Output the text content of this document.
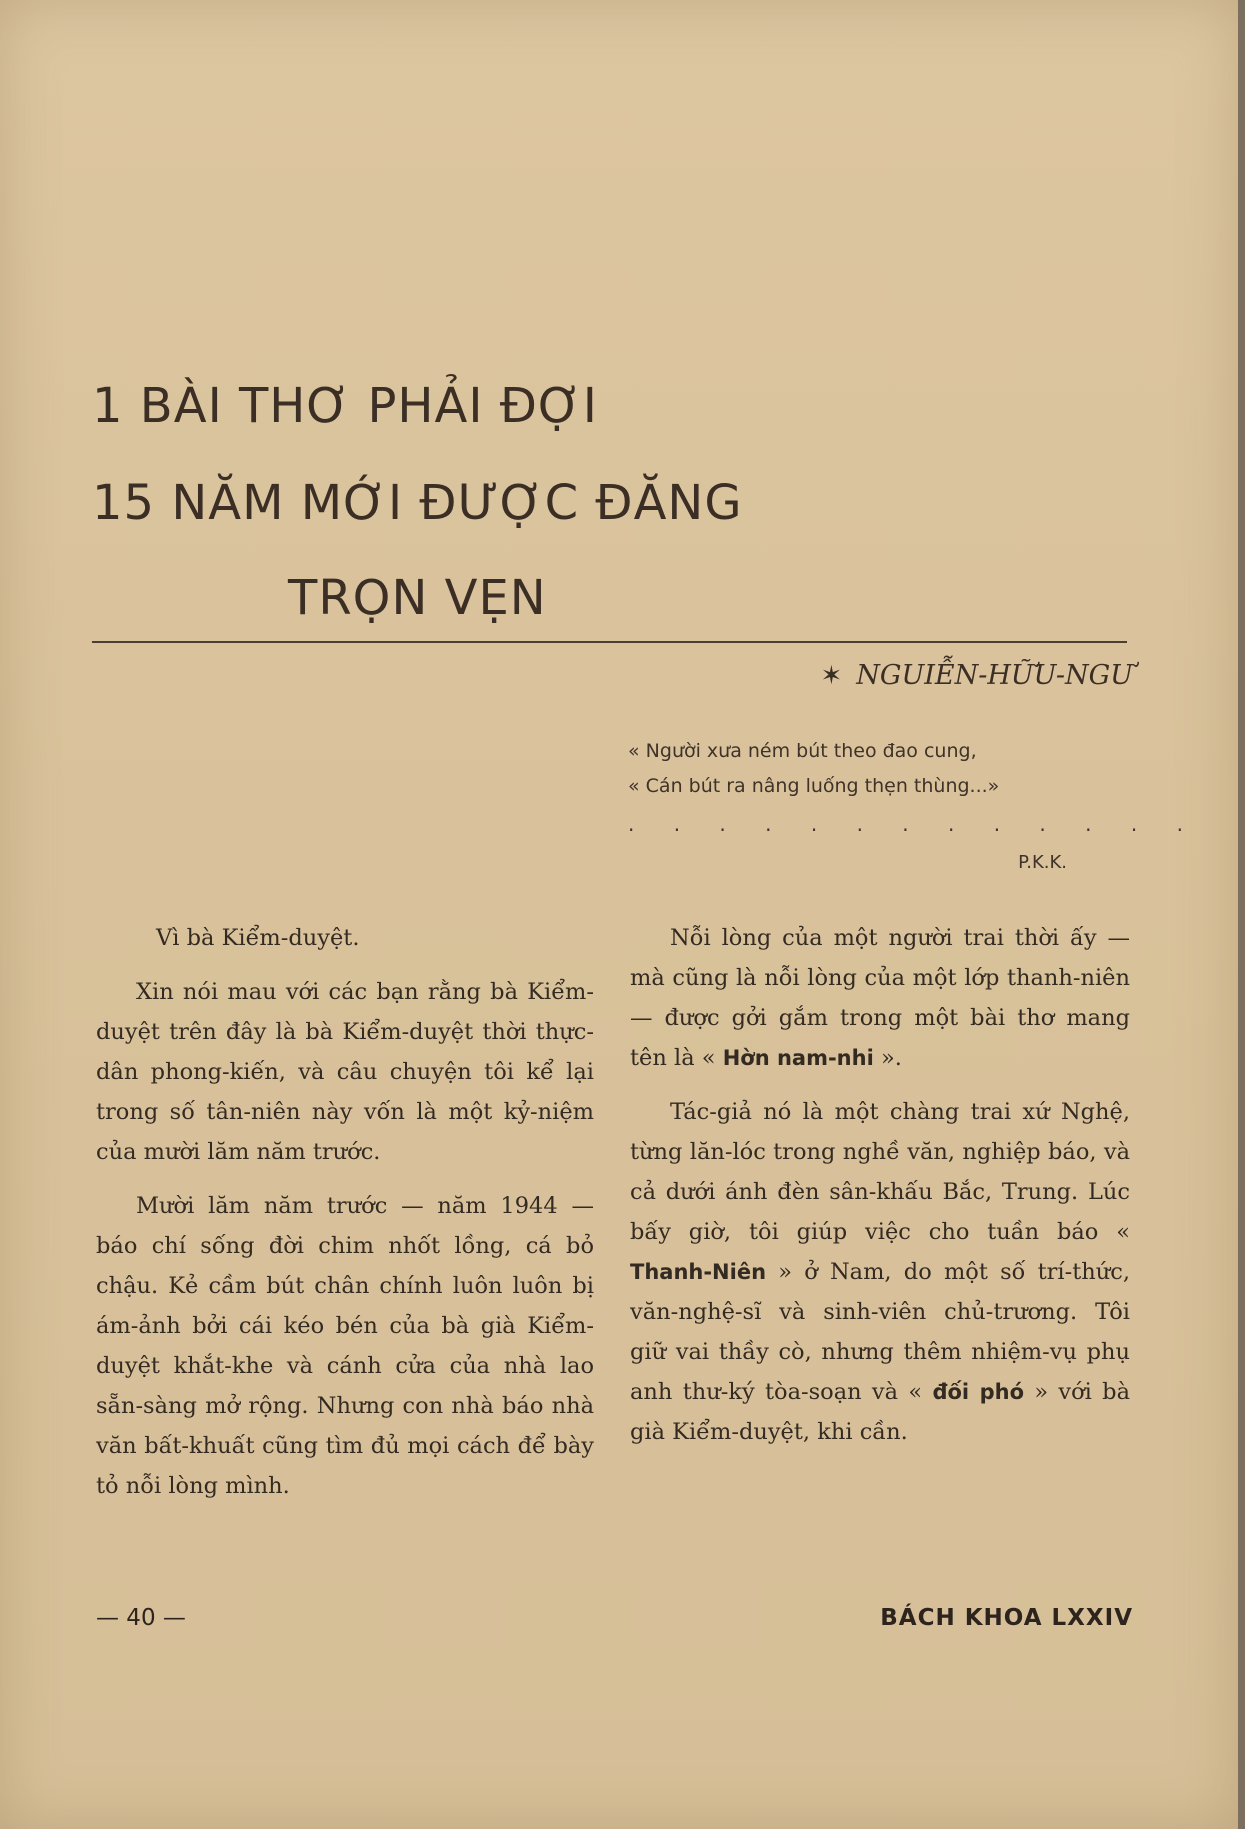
1 BÀI THƠ PHẢI ĐỢI
15 NĂM MỚI ĐƯỢC ĐĂNG
TRỌN VẸN
✶ NGUIỄN-HỮU-NGƯ
« Người xưa ném bút theo đao cung,
« Cán bút ra nâng luống thẹn thùng...»
. . . . . . . . . . . . .
P.K.K.

Vì bà Kiểm-duyệt.

Xin nói mau với các bạn rằng bà Kiểm-duyệt trên đây là bà Kiểm-duyệt thời thực-dân phong-kiến, và câu chuyện tôi kể lại trong số tân-niên này vốn là một kỷ-niệm của mười lăm năm trước.

Mười lăm năm trước — năm 1944 — báo chí sống đời chim nhốt lồng, cá bỏ chậu. Kẻ cầm bút chân chính luôn luôn bị ám-ảnh bởi cái kéo bén của bà già Kiểm-duyệt khắt-khe và cánh cửa của nhà lao sẵn-sàng mở rộng. Nhưng con nhà báo nhà văn bất-khuất cũng tìm đủ mọi cách để bày tỏ nỗi lòng mình.

Nỗi lòng của một người trai thời ấy — mà cũng là nỗi lòng của một lớp thanh-niên — được gởi gắm trong một bài thơ mang tên là « Hờn nam-nhi ».

Tác-giả nó là một chàng trai xứ Nghệ, từng lăn-lóc trong nghề văn, nghiệp báo, và cả dưới ánh đèn sân-khấu Bắc, Trung. Lúc bấy giờ, tôi giúp việc cho tuần báo « Thanh-Niên » ở Nam, do một số trí-thức, văn-nghệ-sĩ và sinh-viên chủ-trương. Tôi giữ vai thầy cò, nhưng thêm nhiệm-vụ phụ anh thư-ký tòa-soạn và « đối phó » với bà già Kiểm-duyệt, khi cần.

— 40 —	BÁCH KHOA LXXIV
